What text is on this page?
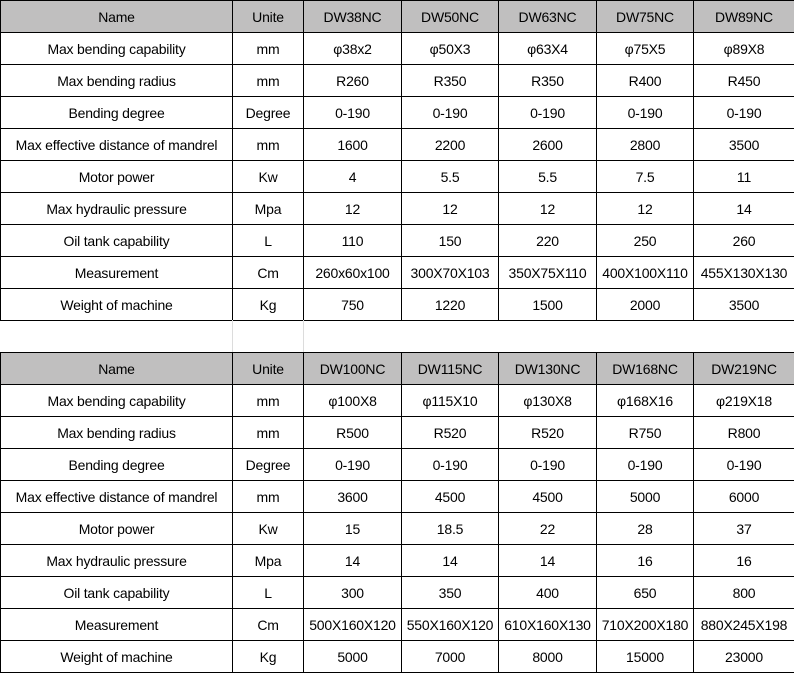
Name	Unite	DW38NC	DW50NC	DW63NC	DW75NC	DW89NC
Max bending capability	mm	φ38x2	φ50X3	φ63X4	φ75X5	φ89X8
Max bending radius	mm	R260	R350	R350	R400	R450
Bending degree	Degree	0-190	0-190	0-190	0-190	0-190
Max effective distance of mandrel	mm	1600	2200	2600	2800	3500
Motor power	Kw	4	5.5	5.5	7.5	11
Max hydraulic pressure	Mpa	12	12	12	12	14
Oil tank capability	L	110	150	220	250	260
Measurement	Cm	260x60x100	300X70X103	350X75X110	400X100X110	455X130X130
Weight of machine	Kg	750	1220	1500	2000	3500
Name	Unite	DW100NC	DW115NC	DW130NC	DW168NC	DW219NC
Max bending capability	mm	φ100X8	φ115X10	φ130X8	φ168X16	φ219X18
Max bending radius	mm	R500	R520	R520	R750	R800
Bending degree	Degree	0-190	0-190	0-190	0-190	0-190
Max effective distance of mandrel	mm	3600	4500	4500	5000	6000
Motor power	Kw	15	18.5	22	28	37
Max hydraulic pressure	Mpa	14	14	14	16	16
Oil tank capability	L	300	350	400	650	800
Measurement	Cm	500X160X120	550X160X120	610X160X130	710X200X180	880X245X198
Weight of machine	Kg	5000	7000	8000	15000	23000
